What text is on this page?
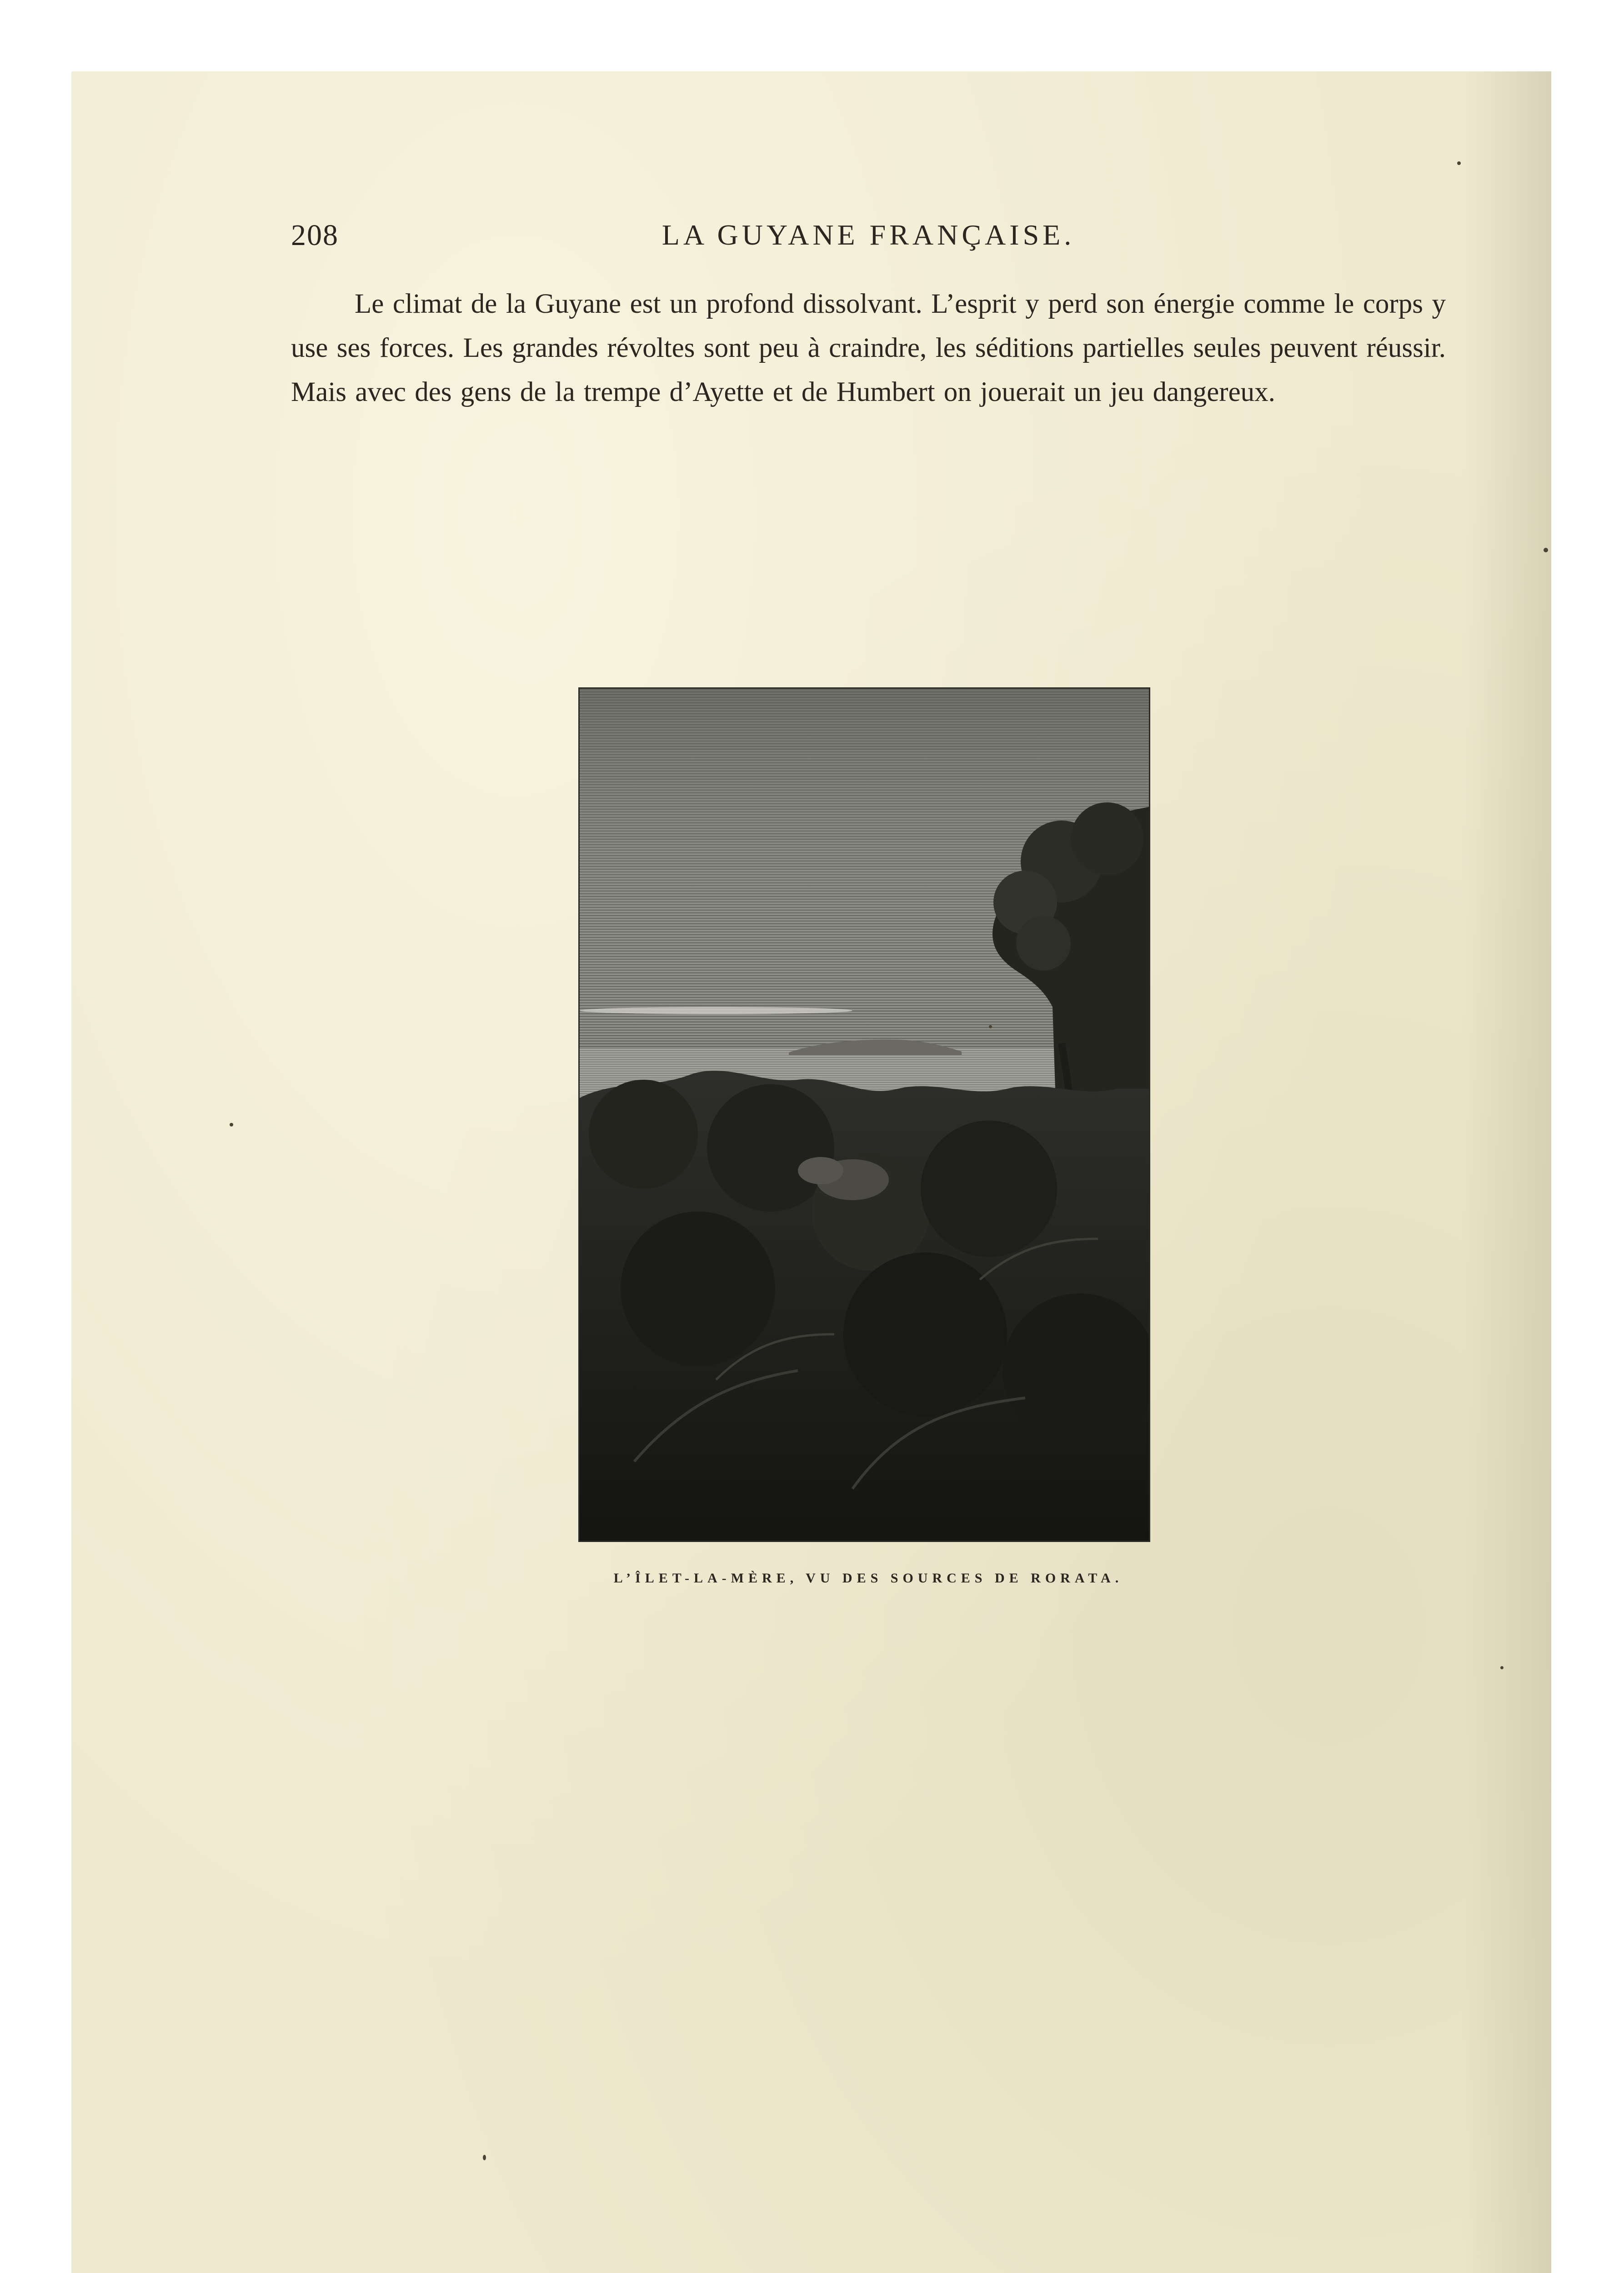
208	LA GUYANE FRANÇAISE.

Le climat de la Guyane est un profond dissolvant. L’esprit y perd son énergie comme le corps y use ses forces. Les grandes révoltes sont peu à craindre, les séditions partielles seules peuvent réussir. Mais avec des gens de la trempe d’Ayette et de Humbert on jouerait un jeu dangereux.

L’ÎLET-LA-MÈRE, VU DES SOURCES DE RORATA.
